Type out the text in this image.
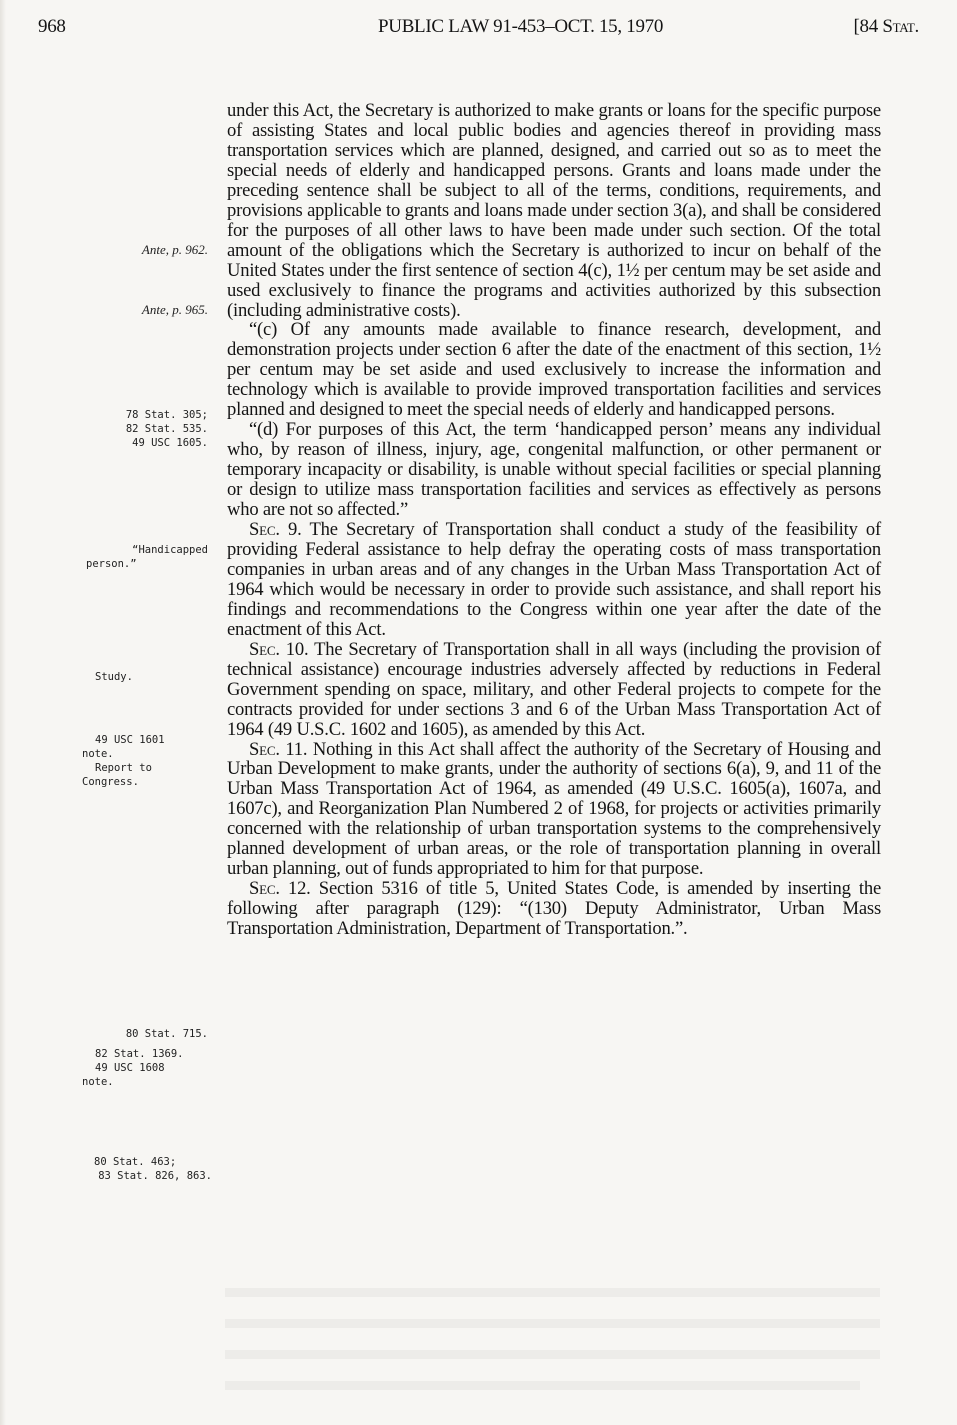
968	PUBLIC LAW 91-453–OCT. 15, 1970	[84 Stat.
Ante, p. 962.
Ante, p. 965.
78 Stat. 305;
82 Stat. 535.
49 USC 1605.
“Handicapped
person.”
Study.
49 USC 1601
note.
Report to
Congress.
80 Stat. 715.
82 Stat. 1369.
49 USC 1608
note.
80 Stat. 463;
83 Stat. 826, 863.

under this Act, the Secretary is authorized to make grants or loans for the specific purpose of assisting States and local public bodies and agencies thereof in providing mass transportation services which are planned, designed, and carried out so as to meet the special needs of elderly and handicapped persons. Grants and loans made under the preceding sentence shall be subject to all of the terms, conditions, requirements, and provisions applicable to grants and loans made under section 3(a), and shall be considered for the purposes of all other laws to have been made under such section. Of the total amount of the obligations which the Secretary is authorized to incur on behalf of the United States under the first sentence of section 4(c), 1½ per centum may be set aside and used exclusively to finance the programs and activities authorized by this subsection (including administrative costs).

“(c) Of any amounts made available to finance research, development, and demonstration projects under section 6 after the date of the enactment of this section, 1½ per centum may be set aside and used exclusively to increase the information and technology which is available to provide improved transportation facilities and services planned and designed to meet the special needs of elderly and handicapped persons.

“(d) For purposes of this Act, the term ‘handicapped person’ means any individual who, by reason of illness, injury, age, congenital malfunction, or other permanent or temporary incapacity or disability, is unable without special facilities or special planning or design to utilize mass transportation facilities and services as effectively as persons who are not so affected.”

Sec. 9. The Secretary of Transportation shall conduct a study of the feasibility of providing Federal assistance to help defray the operating costs of mass transportation companies in urban areas and of any changes in the Urban Mass Transportation Act of 1964 which would be necessary in order to provide such assistance, and shall report his findings and recommendations to the Congress within one year after the date of the enactment of this Act.

Sec. 10. The Secretary of Transportation shall in all ways (including the provision of technical assistance) encourage industries adversely affected by reductions in Federal Government spending on space, military, and other Federal projects to compete for the contracts provided for under sections 3 and 6 of the Urban Mass Transportation Act of 1964 (49 U.S.C. 1602 and 1605), as amended by this Act.

Sec. 11. Nothing in this Act shall affect the authority of the Secretary of Housing and Urban Development to make grants, under the authority of sections 6(a), 9, and 11 of the Urban Mass Transportation Act of 1964, as amended (49 U.S.C. 1605(a), 1607a, and 1607c), and Reorganization Plan Numbered 2 of 1968, for projects or activities primarily concerned with the relationship of urban transportation systems to the comprehensively planned development of urban areas, or the role of transportation planning in overall urban planning, out of funds appropriated to him for that purpose.

Sec. 12. Section 5316 of title 5, United States Code, is amended by inserting the following after paragraph (129): “(130) Deputy Administrator, Urban Mass Transportation Administration, Department of Transportation.”.
